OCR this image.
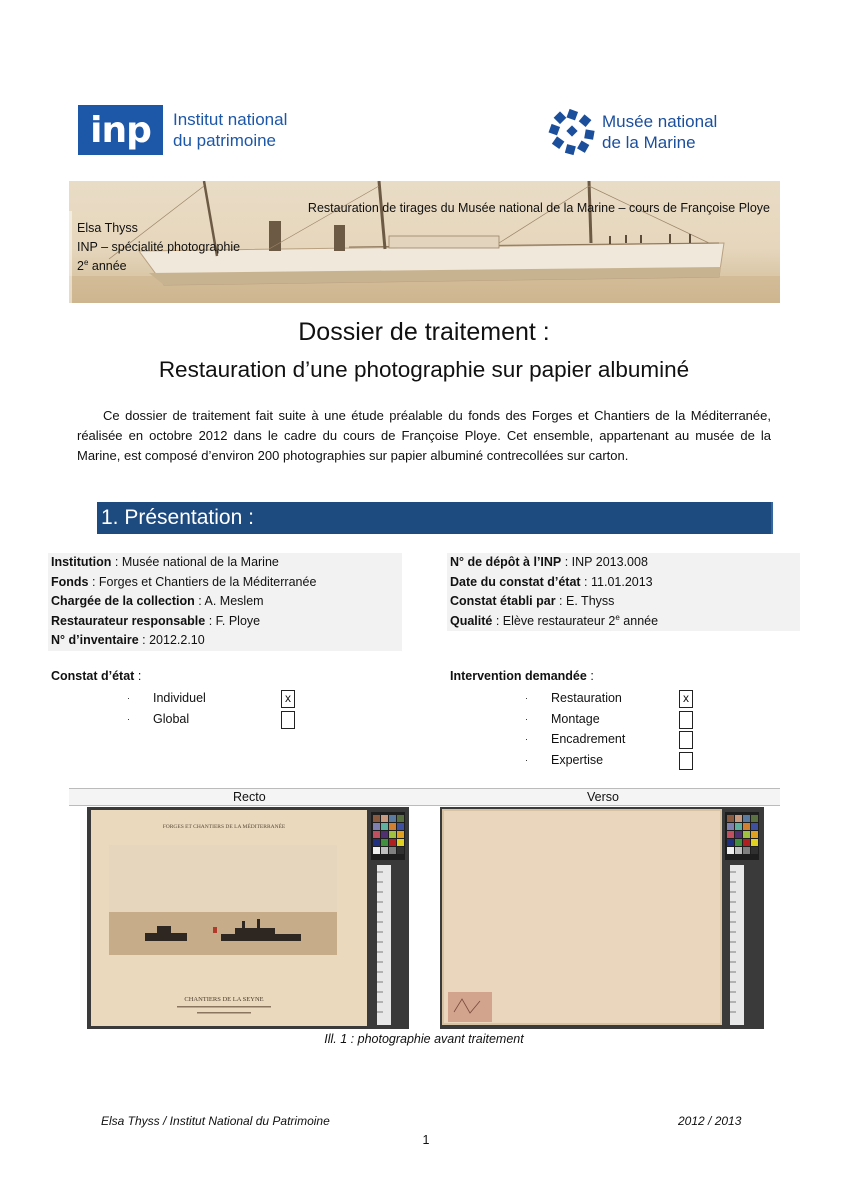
inp	Institut national
du patrimoine
Musée national
de la Marine
Restauration de tirages du Musée national de la Marine – cours de Françoise Ploye
Elsa Thyss
INP – spécialité photographie
2e année
Dossier de traitement :
Restauration d’une photographie sur papier albuminé

Ce dossier de traitement fait suite à une étude préalable du fonds des Forges et Chantiers de la Méditerranée, réalisée en octobre 2012 dans le cadre du cours de Françoise Ploye. Cet ensemble, appartenant au musée de la Marine, est composé d’environ 200 photographies sur papier albuminé contrecollées sur carton.

1. Présentation :
Institution : Musée national de la Marine
Fonds : Forges et Chantiers de la Méditerranée
Chargée de la collection : A. Meslem
Restaurateur responsable : F. Ploye
N° d’inventaire : 2012.2.10
N° de dépôt à l’INP : INP 2013.008
Date du constat d’état : 11.01.2013
Constat établi par : E. Thyss
Qualité : Elève restaurateur 2e année
Constat d’état :
· Individuel	x
· Global
Intervention demandée :
· Restauration	x
· Montage
· Encadrement
· Expertise
Recto	Verso
FORGES ET CHANTIERS DE LA MÉDITERRANÉE
CHANTIERS DE LA SEYNE
Ill. 1 : photographie avant traitement
Elsa Thyss / Institut National du Patrimoine	2012 / 2013
1
